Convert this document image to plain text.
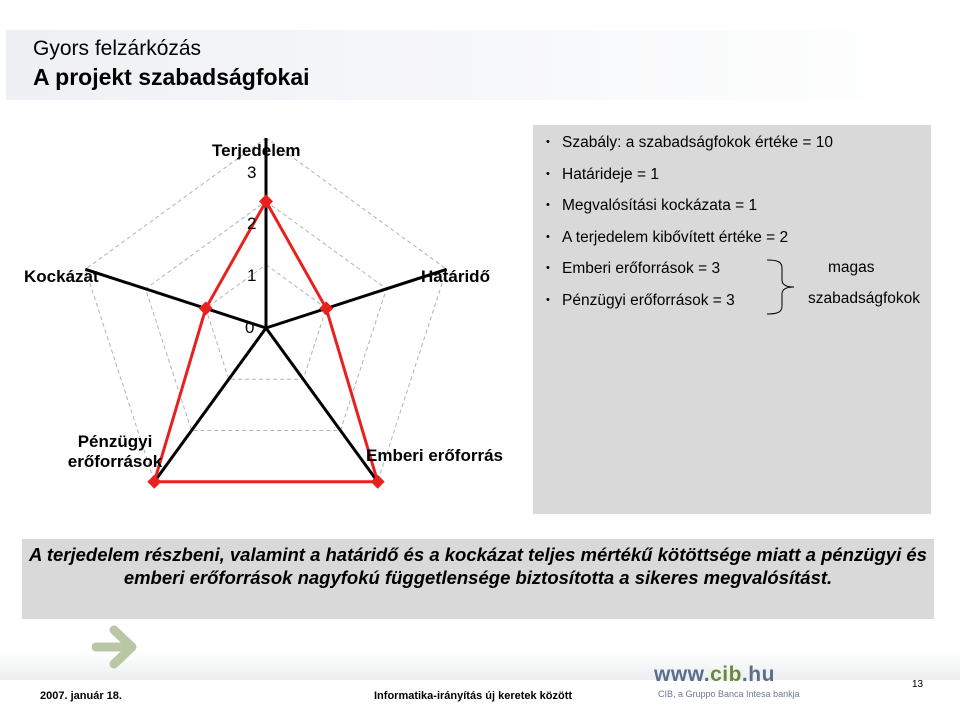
Gyors felzárkózás
A projekt szabadságfokai
Terjedelem
3
2
1
0
Kockázat	Határidő
Pénzügyi
erőforrások	Emberi erőforrás
• Szabály: a szabadságfokok értéke = 10
• Határideje = 1
• Megvalósítási kockázata = 1
• A terjedelem kibővített értéke = 2
• Emberi erőforrások = 3
• Pénzügyi erőforrások = 3
magas
szabadságfokok
A terjedelem részbeni, valamint a határidő és a kockázat teljes mértékű kötöttsége miatt a pénzügyi és emberi erőforrások nagyfokú függetlensége biztosította a sikeres megvalósítást.
2007. január 18.	Informatika-irányítás új keretek között
www.cib.hu
CIB, a Gruppo Banca Intesa bankja
13
